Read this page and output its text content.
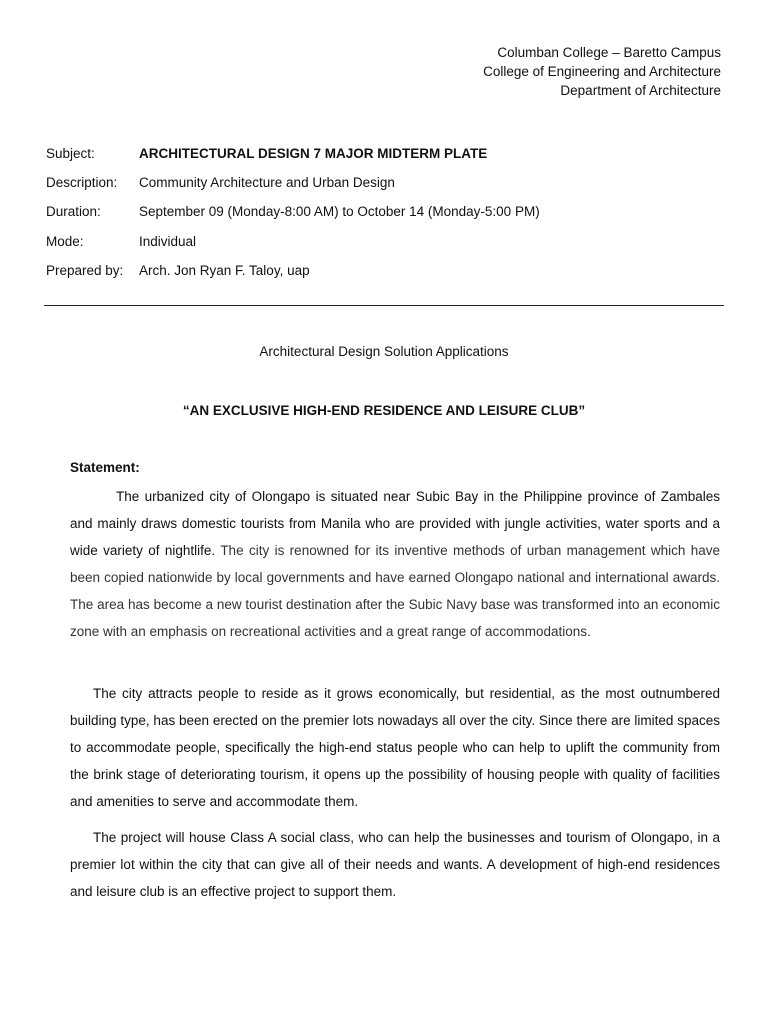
Columban College – Baretto Campus
College of Engineering and Architecture
Department of Architecture
Subject:	ARCHITECTURAL DESIGN 7 MAJOR MIDTERM PLATE
Description:	Community Architecture and Urban Design
Duration:	September 09 (Monday-8:00 AM) to October 14 (Monday-5:00 PM)
Mode:	Individual
Prepared by:	Arch. Jon Ryan F. Taloy, uap
Architectural Design Solution Applications
“AN EXCLUSIVE HIGH-END RESIDENCE AND LEISURE CLUB”
Statement:
The urbanized city of Olongapo is situated near Subic Bay in the Philippine province of Zambales and mainly draws domestic tourists from Manila who are provided with jungle activities, water sports and a wide variety of nightlife. The city is renowned for its inventive methods of urban management which have been copied nationwide by local governments and have earned Olongapo national and international awards. The area has become a new tourist destination after the Subic Navy base was transformed into an economic zone with an emphasis on recreational activities and a great range of accommodations.
The city attracts people to reside as it grows economically, but residential, as the most outnumbered building type, has been erected on the premier lots nowadays all over the city. Since there are limited spaces to accommodate people, specifically the high-end status people who can help to uplift the community from the brink stage of deteriorating tourism, it opens up the possibility of housing people with quality of facilities and amenities to serve and accommodate them.
The project will house Class A social class, who can help the businesses and tourism of Olongapo, in a premier lot within the city that can give all of their needs and wants. A development of high-end residences and leisure club is an effective project to support them.
